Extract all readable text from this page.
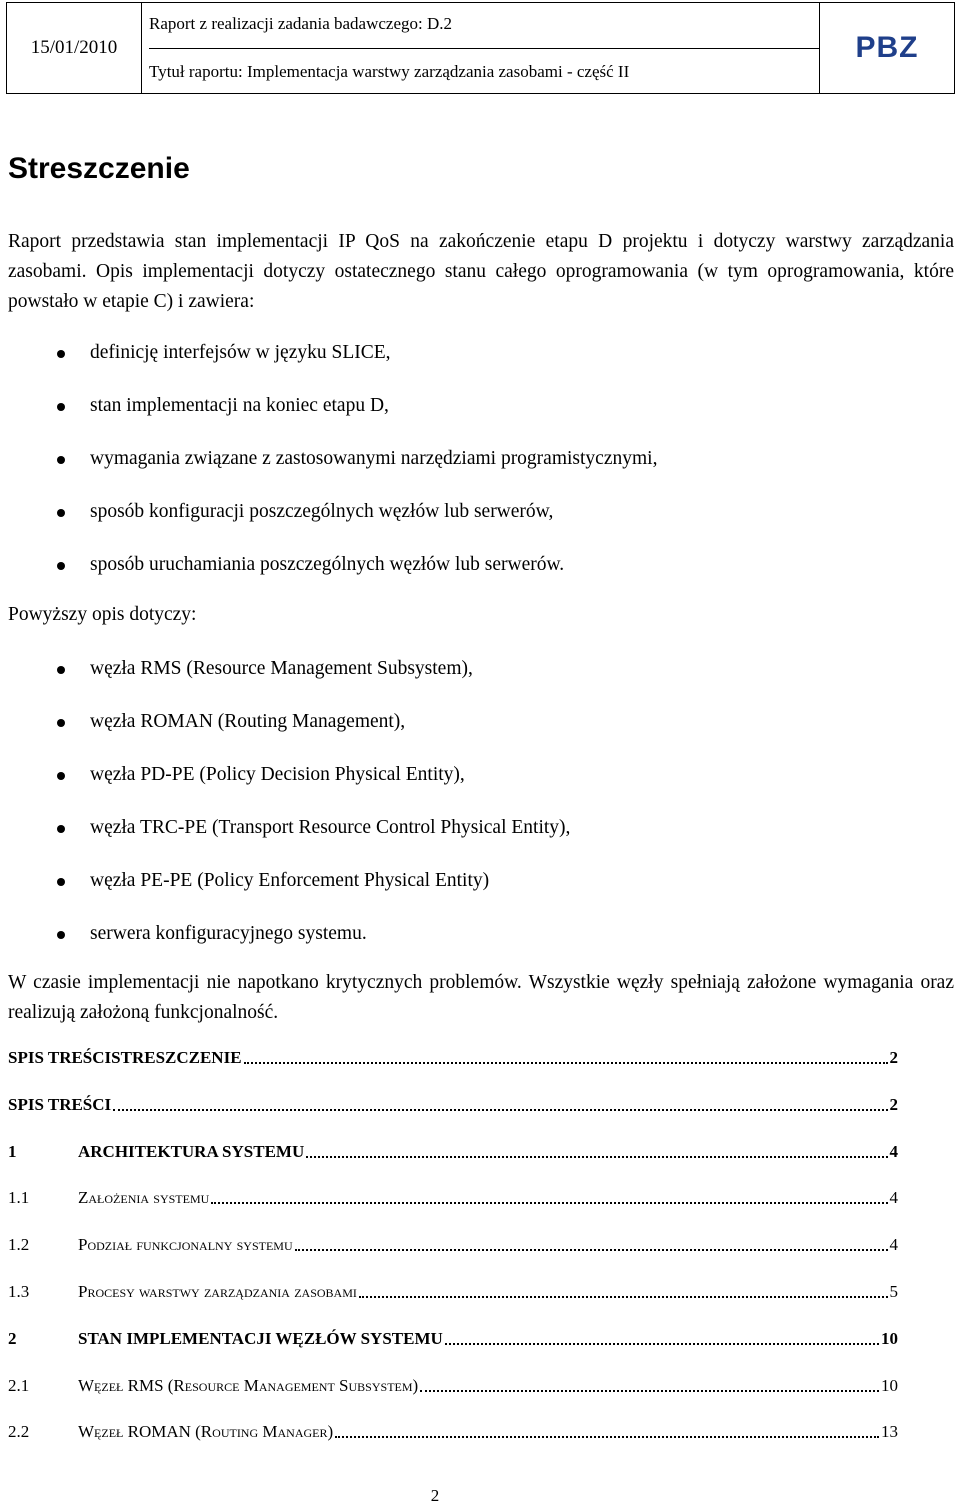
15/01/2010	
Raport z realizacji zadania badawczego: D.2
Tytuł raportu: Implementacja warstwy zarządzania zasobami - część II
	PBZ
Streszczenie

Raport przedstawia stan implementacji IP QoS na zakończenie etapu D projektu i dotyczy warstwy zarządzania zasobami. Opis implementacji dotyczy ostatecznego stanu całego oprogramowania (w tym oprogramowania, które powstało w etapie C) i zawiera:

definicję interfejsów w języku SLICE,
stan implementacji na koniec etapu D,
wymagania związane z zastosowanymi narzędziami programistycznymi,
sposób konfiguracji poszczególnych węzłów lub serwerów,
sposób uruchamiania poszczególnych węzłów lub serwerów.

Powyższy opis dotyczy:

węzła RMS (Resource Management Subsystem),
węzła ROMAN (Routing Management),
węzła PD-PE (Policy Decision Physical Entity),
węzła TRC-PE (Transport Resource Control Physical Entity),
węzła PE-PE (Policy Enforcement Physical Entity)
serwera konfiguracyjnego systemu.

W czasie implementacji nie napotkano krytycznych problemów. Wszystkie węzły spełniają założone wymagania oraz realizują założoną funkcjonalność.

SPIS TREŚCISTRESZCZENIE	2
SPIS TREŚCI	2
1	ARCHITEKTURA SYSTEMU	4
1.1	Założenia systemu	4
1.2	Podział funkcjonalny systemu	4
1.3	Procesy warstwy zarządzania zasobami	5
2	STAN IMPLEMENTACJI WĘZŁÓW SYSTEMU	10
2.1	Węzeł RMS (Resource Management Subsystem)	10
2.2	Węzeł ROMAN (Routing Manager)	13
2
